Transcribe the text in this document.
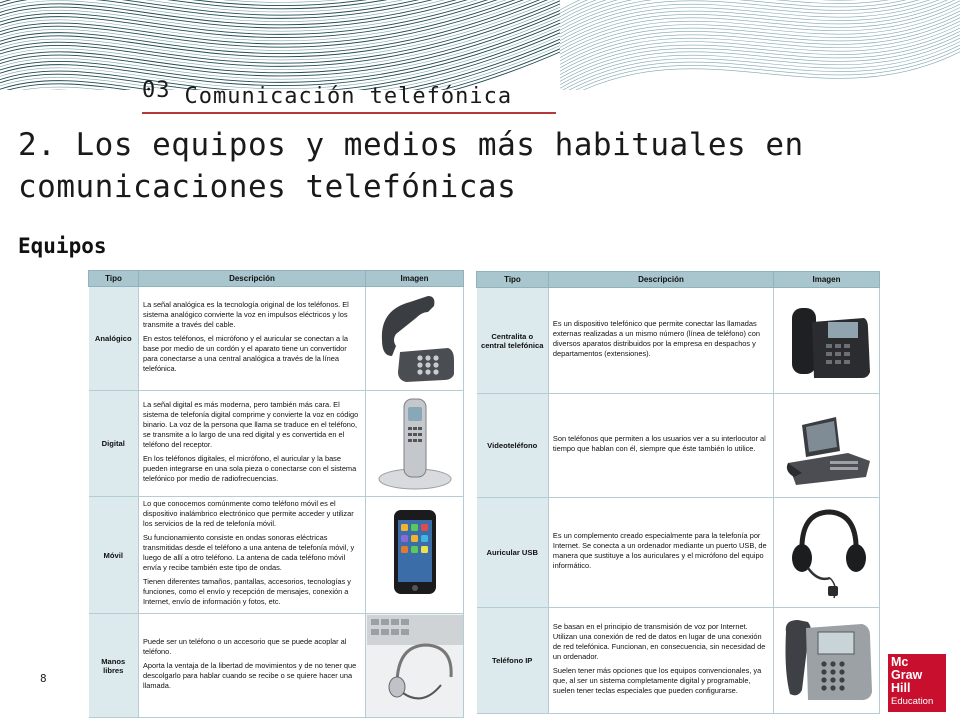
03 Comunicación telefónica
2. Los equipos y medios más habituales en comunicaciones telefónicas
Equipos
Tipo	Descripción	Imagen
Analógico	La señal analógica es la tecnología original de los teléfonos. El sistema analógico convierte la voz en impulsos eléctricos y los transmite a través del cable.

En estos teléfonos, el micrófono y el auricular se conectan a la base por medio de un cordón y el aparato tiene un convertidor para conectarse a una central analógica a través de la línea telefónica.

Digital	La señal digital es más moderna, pero también más cara. El sistema de telefonía digital comprime y convierte la voz en código binario. La voz de la persona que llama se traduce en el teléfono, se transmite a lo largo de una red digital y es convertida en el teléfono del receptor.

En los teléfonos digitales, el micrófono, el auricular y la base pueden integrarse en una sola pieza o conectarse con el sistema telefónico por medio de radiofrecuencias.

Móvil	Lo que conocemos comúnmente como teléfono móvil es el dispositivo inalámbrico electrónico que permite acceder y utilizar los servicios de la red de telefonía móvil.

Su funcionamiento consiste en ondas sonoras eléctricas transmitidas desde el teléfono a una antena de telefonía móvil, y luego de allí a otro teléfono. La antena de cada teléfono móvil envía y recibe también este tipo de ondas.

Tienen diferentes tamaños, pantallas, accesorios, tecnologías y funciones, como el envío y recepción de mensajes, conexión a Internet, envío de información y fotos, etc.

Manos libres	Puede ser un teléfono o un accesorio que se puede acoplar al teléfono.

Aporta la ventaja de la libertad de movimientos y de no tener que descolgarlo para hablar cuando se recibe o se quiere hacer una llamada.

Tipo	Descripción	Imagen
Centralita o central telefónica	Es un dispositivo telefónico que permite conectar las llamadas externas realizadas a un mismo número (línea de teléfono) con diversos aparatos distribuidos por la empresa en despachos y departamentos (extensiones).

Videoteléfono	Son teléfonos que permiten a los usuarios ver a su interlocutor al tiempo que hablan con él, siempre que éste también lo utilice.

Auricular USB	Es un complemento creado especialmente para la telefonía por Internet. Se conecta a un ordenador mediante un puerto USB, de manera que sustituye a los auriculares y el micrófono del equipo informático.

Teléfono IP	Se basan en el principio de transmisión de voz por Internet. Utilizan una conexión de red de datos en lugar de una conexión de red telefónica. Funcionan, en consecuencia, sin necesidad de un ordenador.

Suelen tener más opciones que los equipos convencionales, ya que, al ser un sistema completamente digital y programable, suelen tener teclas especiales que pueden configurarse.

8
Mc
Graw
Hill
Education
